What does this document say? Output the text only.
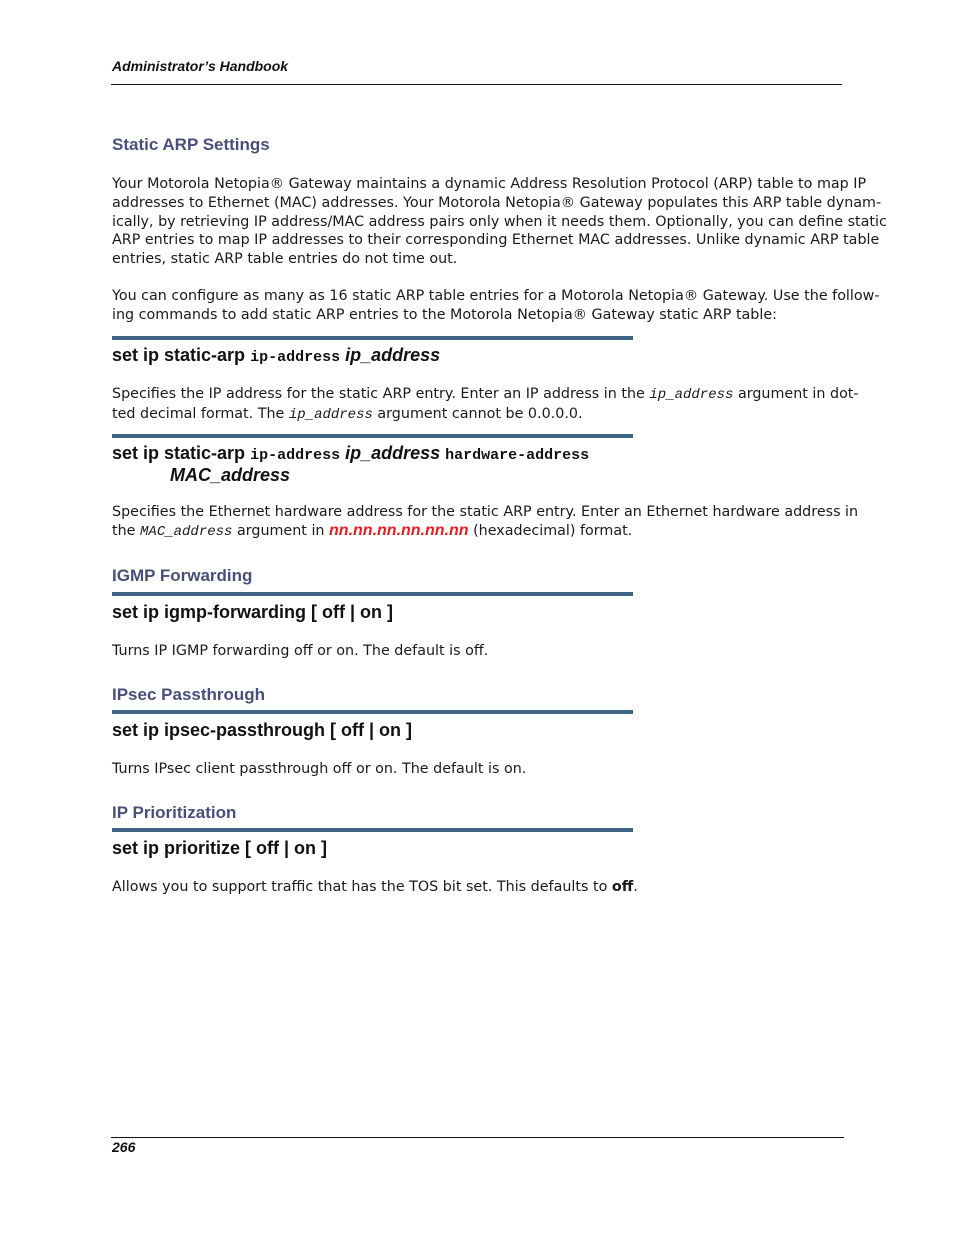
Administrator’s Handbook
Static ARP Settings
Your Motorola Netopia® Gateway maintains a dynamic Address Resolution Protocol (ARP) table to map IP
addresses to Ethernet (MAC) addresses. Your Motorola Netopia® Gateway populates this ARP table dynam-
ically, by retrieving IP address/MAC address pairs only when it needs them. Optionally, you can define static
ARP entries to map IP addresses to their corresponding Ethernet MAC addresses. Unlike dynamic ARP table
entries, static ARP table entries do not time out.
You can configure as many as 16 static ARP table entries for a Motorola Netopia® Gateway. Use the follow-
ing commands to add static ARP entries to the Motorola Netopia® Gateway static ARP table:
set ip static-arp ip-address ip_address
Specifies the IP address for the static ARP entry. Enter an IP address in the ip_address argument in dot-
ted decimal format. The ip_address argument cannot be 0.0.0.0.
set ip static-arp ip-address ip_address hardware-address
MAC_address
Specifies the Ethernet hardware address for the static ARP entry. Enter an Ethernet hardware address in
the MAC_address argument in nn.nn.nn.nn.nn.nn (hexadecimal) format.
IGMP Forwarding
set ip igmp-forwarding [ off | on ]
Turns IP IGMP forwarding off or on. The default is off.
IPsec Passthrough
set ip ipsec-passthrough [ off | on ]
Turns IPsec client passthrough off or on. The default is on.
IP Prioritization
set ip prioritize [ off | on ]
Allows you to support traffic that has the TOS bit set. This defaults to off.
266
